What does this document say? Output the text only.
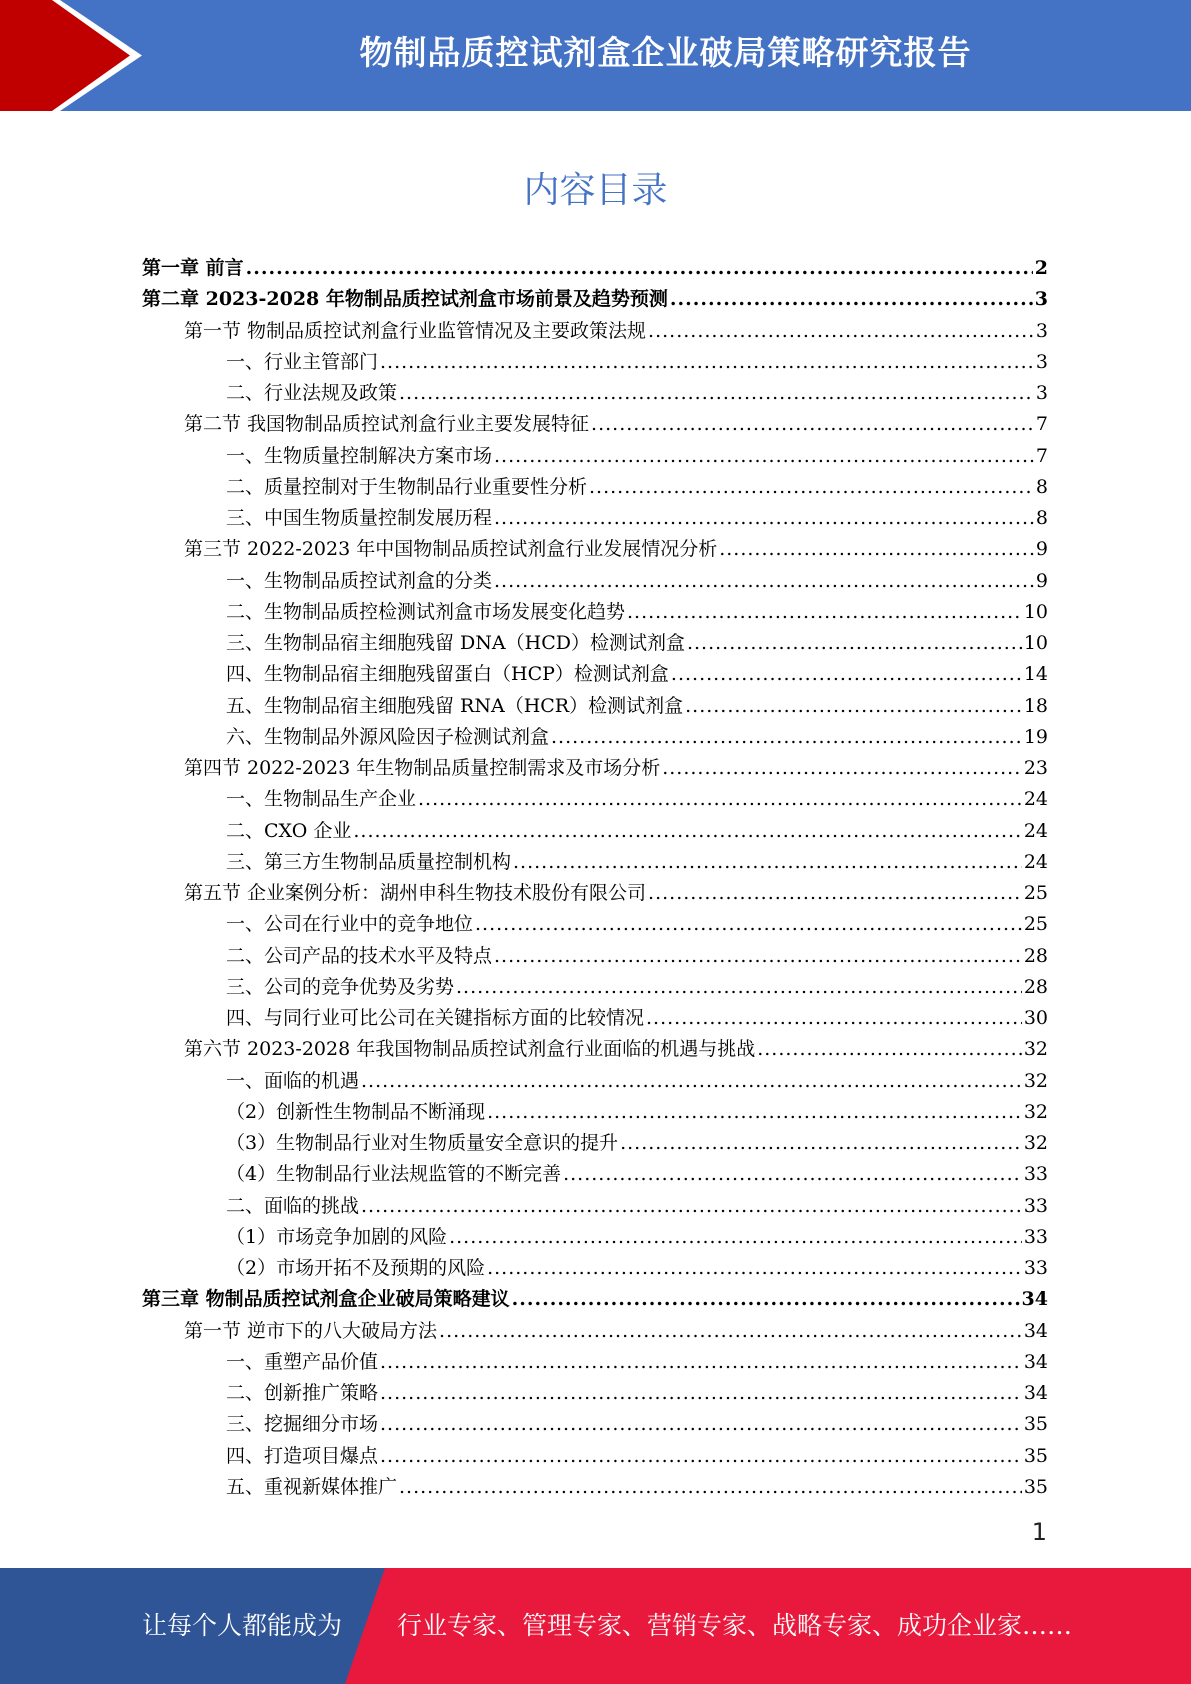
物制品质控试剂盒企业破局策略研究报告
内容目录
第一章 前言 .....	2
第二章 2023-2028 年物制品质控试剂盒市场前景及趋势预测 .....	3
第一节 物制品质控试剂盒行业监管情况及主要政策法规 .....	3
一、行业主管部门 .....	3
二、行业法规及政策 .....	3
第二节 我国物制品质控试剂盒行业主要发展特征 .....	7
一、生物质量控制解决方案市场 .....	7
二、质量控制对于生物制品行业重要性分析 .....	8
三、中国生物质量控制发展历程 .....	8
第三节 2022-2023 年中国物制品质控试剂盒行业发展情况分析 .....	9
一、生物制品质控试剂盒的分类 .....	9
二、生物制品质控检测试剂盒市场发展变化趋势 .....	10
三、生物制品宿主细胞残留 DNA（HCD）检测试剂盒 .....	10
四、生物制品宿主细胞残留蛋白（HCP）检测试剂盒 .....	14
五、生物制品宿主细胞残留 RNA（HCR）检测试剂盒 .....	18
六、生物制品外源风险因子检测试剂盒 .....	19
第四节 2022-2023 年生物制品质量控制需求及市场分析 .....	23
一、生物制品生产企业 .....	24
二、CXO 企业 .....	24
三、第三方生物制品质量控制机构 .....	24
第五节 企业案例分析：湖州申科生物技术股份有限公司 .....	25
一、公司在行业中的竞争地位 .....	25
二、公司产品的技术水平及特点 .....	28
三、公司的竞争优势及劣势 .....	28
四、与同行业可比公司在关键指标方面的比较情况 .....	30
第六节 2023-2028 年我国物制品质控试剂盒行业面临的机遇与挑战 .....	32
一、面临的机遇 .....	32
（2）创新性生物制品不断涌现 .....	32
（3）生物制品行业对生物质量安全意识的提升 .....	32
（4）生物制品行业法规监管的不断完善 .....	33
二、面临的挑战 .....	33
（1）市场竞争加剧的风险 .....	33
（2）市场开拓不及预期的风险 .....	33
第三章 物制品质控试剂盒企业破局策略建议 .....	34
第一节 逆市下的八大破局方法 .....	34
一、重塑产品价值 .....	34
二、创新推广策略 .....	34
三、挖掘细分市场 .....	35
四、打造项目爆点 .....	35
五、重视新媒体推广 .....	35
1
让每个人都能成为 行业专家、管理专家、营销专家、战略专家、成功企业家……
